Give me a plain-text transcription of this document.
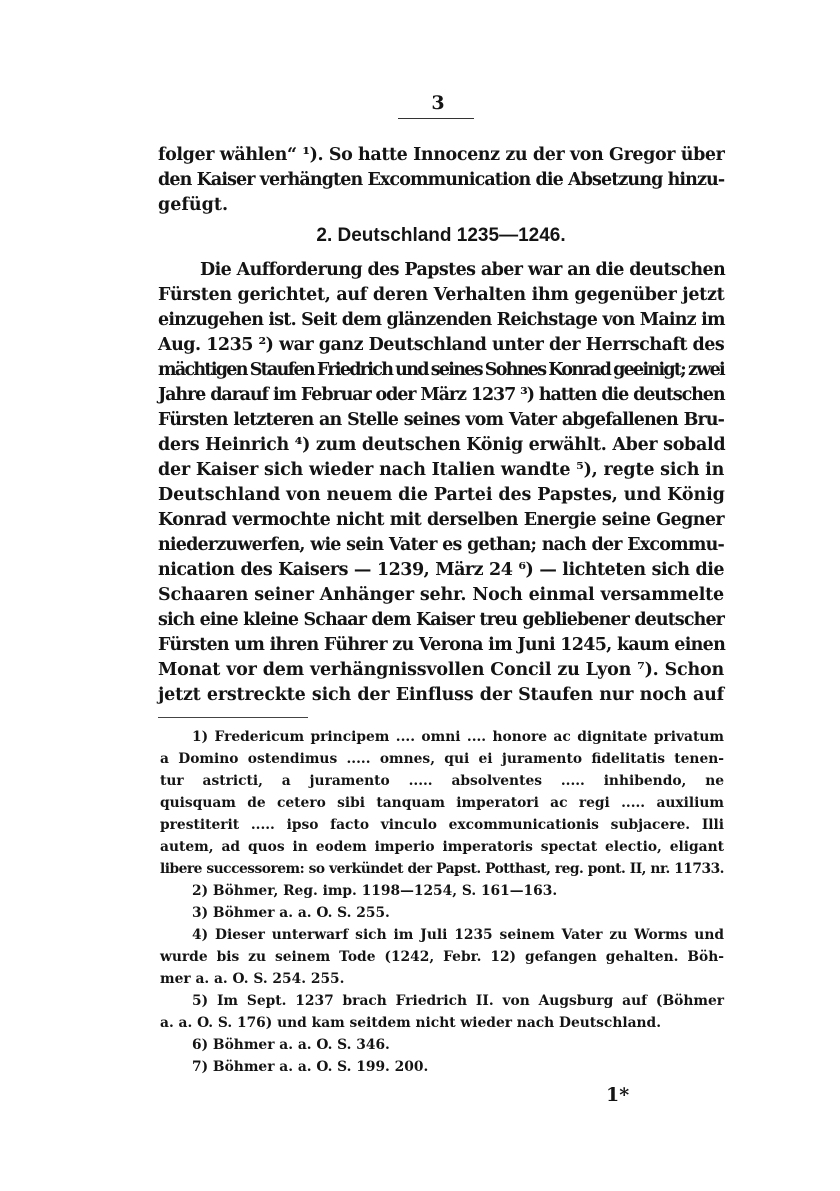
3
folger wählen“ ¹). So hatte Innocenz zu der von Gregor über
den Kaiser verhängten Excommunication die Absetzung hinzu-
gefügt.
2. Deutschland 1235—1246.
Die Aufforderung des Papstes aber war an die deutschen
Fürsten gerichtet, auf deren Verhalten ihm gegenüber jetzt
einzugehen ist. Seit dem glänzenden Reichstage von Mainz im
Aug. 1235 ²) war ganz Deutschland unter der Herrschaft des
mächtigen Staufen Friedrich und seines Sohnes Konrad geeinigt; zwei
Jahre darauf im Februar oder März 1237 ³) hatten die deutschen
Fürsten letzteren an Stelle seines vom Vater abgefallenen Bru-
ders Heinrich ⁴) zum deutschen König erwählt. Aber sobald
der Kaiser sich wieder nach Italien wandte ⁵), regte sich in
Deutschland von neuem die Partei des Papstes, und König
Konrad vermochte nicht mit derselben Energie seine Gegner
niederzuwerfen, wie sein Vater es gethan; nach der Excommu-
nication des Kaisers — 1239, März 24 ⁶) — lichteten sich die
Schaaren seiner Anhänger sehr. Noch einmal versammelte
sich eine kleine Schaar dem Kaiser treu gebliebener deutscher
Fürsten um ihren Führer zu Verona im Juni 1245, kaum einen
Monat vor dem verhängnissvollen Concil zu Lyon ⁷). Schon
jetzt erstreckte sich der Einfluss der Staufen nur noch auf
1) Fredericum principem .... omni .... honore ac dignitate privatum
a Domino ostendimus ..... omnes, qui ei juramento fidelitatis tenen-
tur astricti, a juramento ..... absolventes ..... inhibendo, ne
quisquam de cetero sibi tanquam imperatori ac regi ..... auxilium
prestiterit ..... ipso facto vinculo excommunicationis subjacere. Illi
autem, ad quos in eodem imperio imperatoris spectat electio, eligant
libere successorem: so verkündet der Papst. Potthast, reg. pont. II, nr. 11733.
2) Böhmer, Reg. imp. 1198—1254, S. 161—163.
3) Böhmer a. a. O. S. 255.
4) Dieser unterwarf sich im Juli 1235 seinem Vater zu Worms und
wurde bis zu seinem Tode (1242, Febr. 12) gefangen gehalten. Böh-
mer a. a. O. S. 254. 255.
5) Im Sept. 1237 brach Friedrich II. von Augsburg auf (Böhmer
a. a. O. S. 176) und kam seitdem nicht wieder nach Deutschland.
6) Böhmer a. a. O. S. 346.
7) Böhmer a. a. O. S. 199. 200.
1*
